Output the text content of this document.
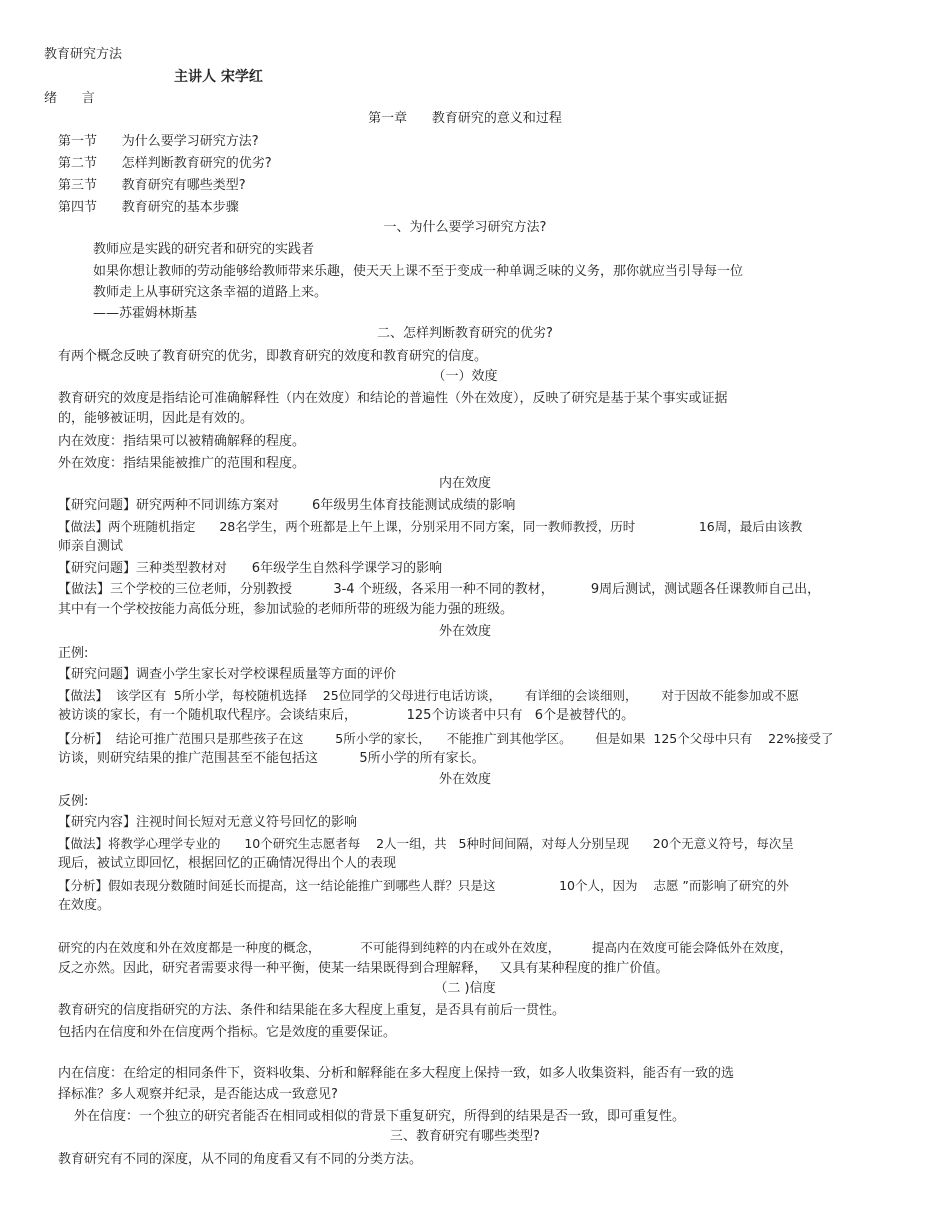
教育研究方法
主讲人 宋学红
绪      言
第一章      教育研究的意义和过程
第一节      为什么要学习研究方法?
第二节      怎样判断教育研究的优劣?
第三节      教育研究有哪些类型?
第四节      教育研究的基本步骤
一、为什么要学习研究方法?
教师应是实践的研究者和研究的实践者
如果你想让教师的劳动能够给教师带来乐趣，使天天上课不至于变成一种单调乏味的义务，那你就应当引导每一位
教师走上从事研究这条幸福的道路上来。
——苏霍姆林斯基
二、怎样判断教育研究的优劣?
有两个概念反映了教育研究的优劣，即教育研究的效度和教育研究的信度。
（一）效度
教育研究的效度是指结论可准确解释性（内在效度）和结论的普遍性（外在效度），反映了研究是基于某个事实或证据
的，能够被证明，因此是有效的。
内在效度：指结果可以被精确解释的程度。
外在效度：指结果能被推广的范围和程度。
内在效度
【研究问题】研究两种不同训练方案对        6年级男生体育技能测试成绩的影响
【做法】两个班随机指定      28名学生，两个班都是上午上课，分别采用不同方案，同一教师教授，历时                16周，最后由该教
师亲自测试
【研究问题】三种类型教材对      6年级学生自然科学课学习的影响
【做法】三个学校的三位老师，分别教授          3-4 个班级，各采用一种不同的教材，         9周后测试，测试题各任课教师自己出，
其中有一个学校按能力高低分班，参加试验的老师所带的班级为能力强的班级。
外在效度
正例:
【研究问题】调查小学生家长对学校课程质量等方面的评价
【做法】  该学区有  5所小学，每校随机选择    25位同学的父母进行电话访谈，      有详细的会谈细则，      对于因故不能参加或不愿
被访谈的家长，有一个随机取代程序。会谈结束后，            125个访谈者中只有   6个是被替代的。
【分析】  结论可推广范围只是那些孩子在这        5所小学的家长，    不能推广到其他学区。      但是如果  125个父母中只有    22%接受了
访谈，则研究结果的推广范围甚至不能包括这          5所小学的所有家长。
外在效度
反例:
【研究内容】注视时间长短对无意义符号回忆的影响
【做法】将教学心理学专业的      10个研究生志愿者每    2人一组，共   5种时间间隔，对每人分别呈现      20个无意义符号，每次呈
现后，被试立即回忆，根据回忆的正确情况得出个人的表现
【分析】假如表现分数随时间延长而提高，这一结论能推广到哪些人群？只是这                10个人，因为    志愿 ”而影响了研究的外
在效度。
研究的内在效度和外在效度都是一种度的概念，          不可能得到纯粹的内在或外在效度，        提高内在效度可能会降低外在效度，
反之亦然。因此，研究者需要求得一种平衡，使某一结果既得到合理解释，   又具有某种程度的推广价值。
（二 )信度
教育研究的信度指研究的方法、条件和结果能在多大程度上重复，是否具有前后一贯性。
包括内在信度和外在信度两个指标。它是效度的重要保证。
内在信度：在给定的相同条件下，资料收集、分析和解释能在多大程度上保持一致，如多人收集资料，能否有一致的选
择标准？多人观察并纪录，是否能达成一致意见?
外在信度：一个独立的研究者能否在相同或相似的背景下重复研究，所得到的结果是否一致，即可重复性。
三、教育研究有哪些类型?
教育研究有不同的深度，从不同的角度看又有不同的分类方法。
